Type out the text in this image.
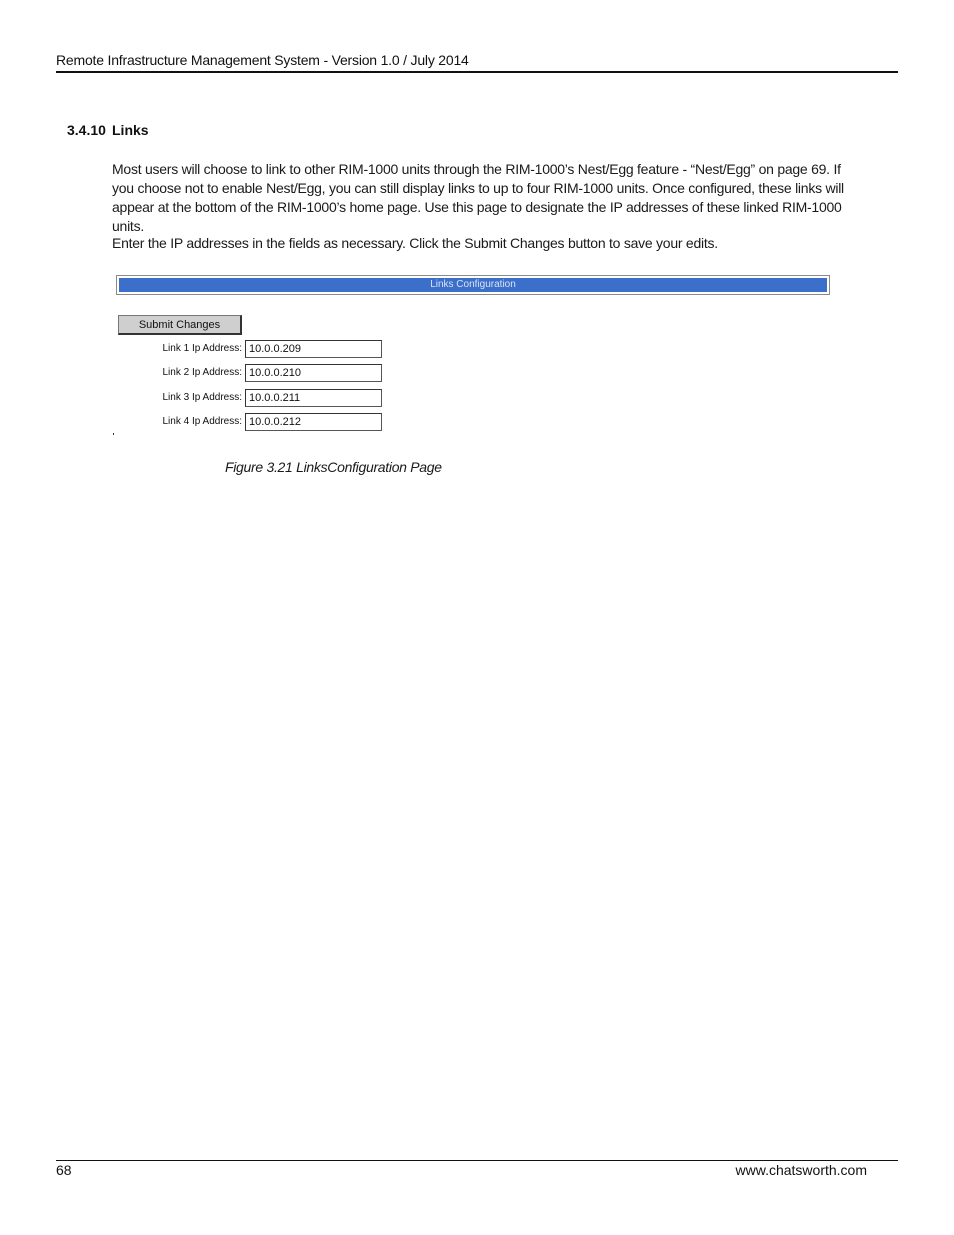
Remote Infrastructure Management System - Version 1.0 / July 2014
3.4.10 Links

Most users will choose to link to other RIM-1000 units through the RIM-1000’s Nest/Egg feature - “Nest/Egg” on page 69. If you choose not to enable Nest/Egg, you can still display links to up to four RIM-1000 units. Once configured, these links will appear at the bottom of the RIM-1000’s home page. Use this page to designate the IP addresses of these linked RIM-1000 units.

Enter the IP addresses in the fields as necessary. Click the Submit Changes button to save your edits.

Links Configuration
Submit Changes
Link 1 Ip Address:
10.0.0.209
Link 2 Ip Address:
10.0.0.210
Link 3 Ip Address:
10.0.0.211
Link 4 Ip Address:
10.0.0.212
Figure 3.21 LinksConfiguration Page
68	www.chatsworth.com
